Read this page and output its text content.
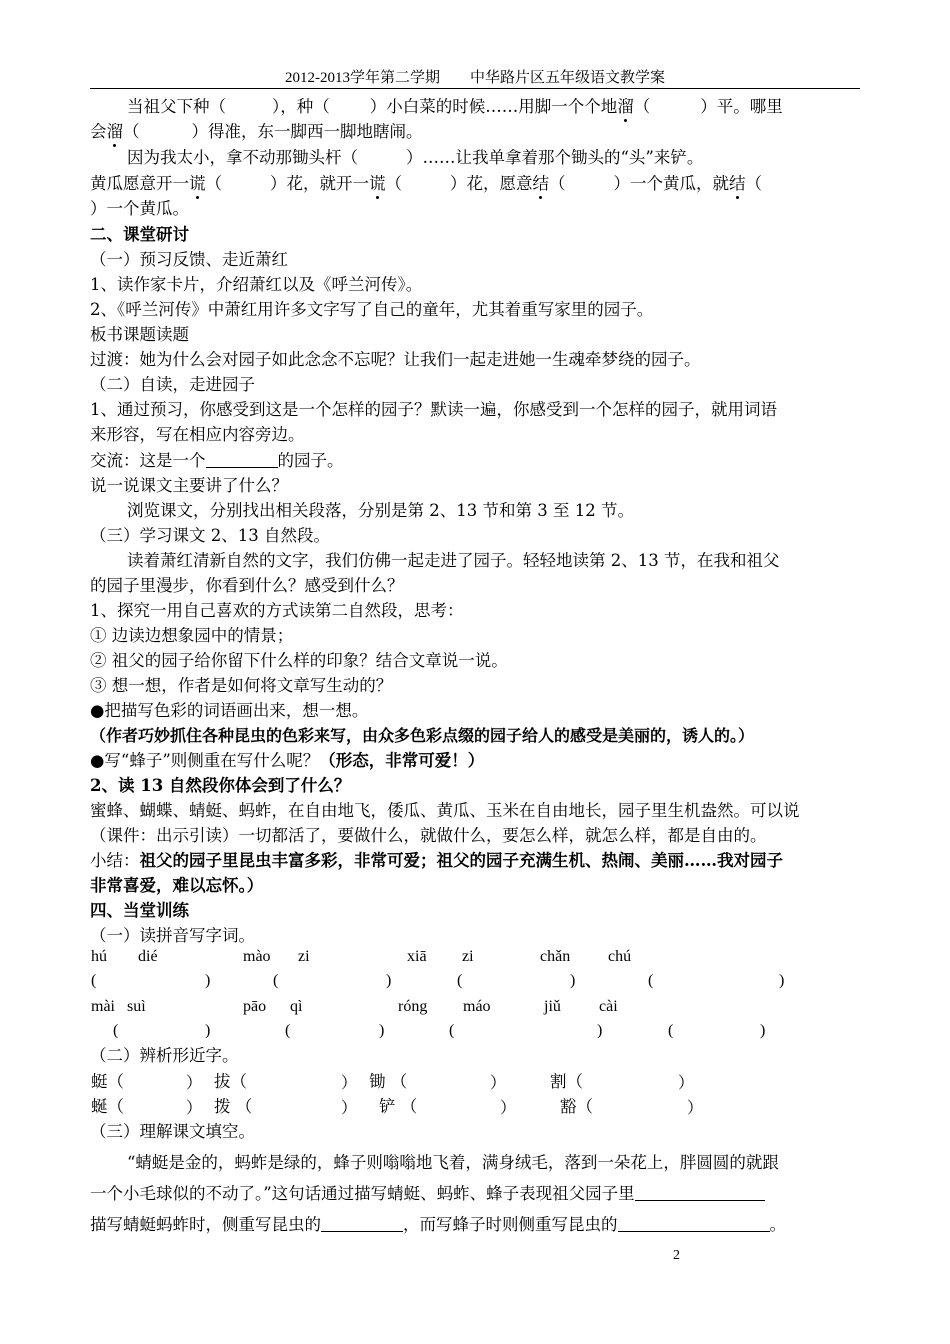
2012-2013学年第二学期　　中华路片区五年级语文教学案
当祖父下种（	），种（ ）小白菜的时候……用脚一个个地溜（	）平。哪里
会溜（	）得准，东一脚西一脚地瞎闹。
因为我太小，拿不动那锄头杆（	）……让我单拿着那个锄头的“头”来铲。
黄瓜愿意开一谎（	）花，就开一谎（	）花，愿意结（	）一个黄瓜，就结（
）一个黄瓜。
二、课堂研讨
（一）预习反馈、走近萧红
1、读作家卡片，介绍萧红以及《呼兰河传》。
2、《呼兰河传》中萧红用许多文字写了自己的童年，尤其着重写家里的园子。
板书课题读题
过渡：她为什么会对园子如此念念不忘呢？让我们一起走进她一生魂牵梦绕的园子。
（二）自读，走进园子
1、通过预习，你感受到这是一个怎样的园子？默读一遍，你感受到一个怎样的园子，就用词语
来形容，写在相应内容旁边。
交流：这是一个	的园子。
说一说课文主要讲了什么？
浏览课文，分别找出相关段落，分别是第 2、13 节和第 3 至 12 节。
（三）学习课文 2、13 自然段。
读着萧红清新自然的文字，我们仿佛一起走进了园子。轻轻地读第 2、13 节，在我和祖父
的园子里漫步，你看到什么？感受到什么？
1、探究一用自己喜欢的方式读第二自然段，思考：
① 边读边想象园中的情景；
② 祖父的园子给你留下什么样的印象？结合文章说一说。
③ 想一想，作者是如何将文章写生动的？
●把描写色彩的词语画出来，想一想。
（作者巧妙抓住各种昆虫的色彩来写，由众多色彩点缀的园子给人的感受是美丽的，诱人的。）
●写“蜂子”则侧重在写什么呢？（形态，非常可爱！）
2、读 13 自然段你体会到了什么？
蜜蜂、蝴蝶、蜻蜓、蚂蚱，在自由地飞，倭瓜、黄瓜、玉米在自由地长，园子里生机盎然。可以说
（课件：出示引读）一切都活了，要做什么，就做什么，要怎么样，就怎么样，都是自由的。
小结：祖父的园子里昆虫丰富多彩，非常可爱；祖父的园子充满生机、热闹、美丽……我对园子
非常喜爱，难以忘怀。）
四、当堂训练
（一）读拼音写字词。
hú dié	mào zi	xiā zi	chǎn chú
(	)	(	)	(	)	(	)
mài suì	pāo qì	róng máo	jiǔ cài
(	)	(	)	(	)	(	)
（二）辨析形近字。
蜓（	） 拔（	） 锄 （	）	割（	）
蜒（	） 拨 （	） 铲 （	）	豁（	）
（三）理解课文填空。
“蜻蜓是金的，蚂蚱是绿的，蜂子则嗡嗡地飞着，满身绒毛，落到一朵花上，胖圆圆的就跟
一个小毛球似的不动了。”这句话通过描写蜻蜓、蚂蚱、蜂子表现祖父园子里
描写蜻蜓蚂蚱时，侧重写昆虫的	，而写蜂子时则侧重写昆虫的	。
2
